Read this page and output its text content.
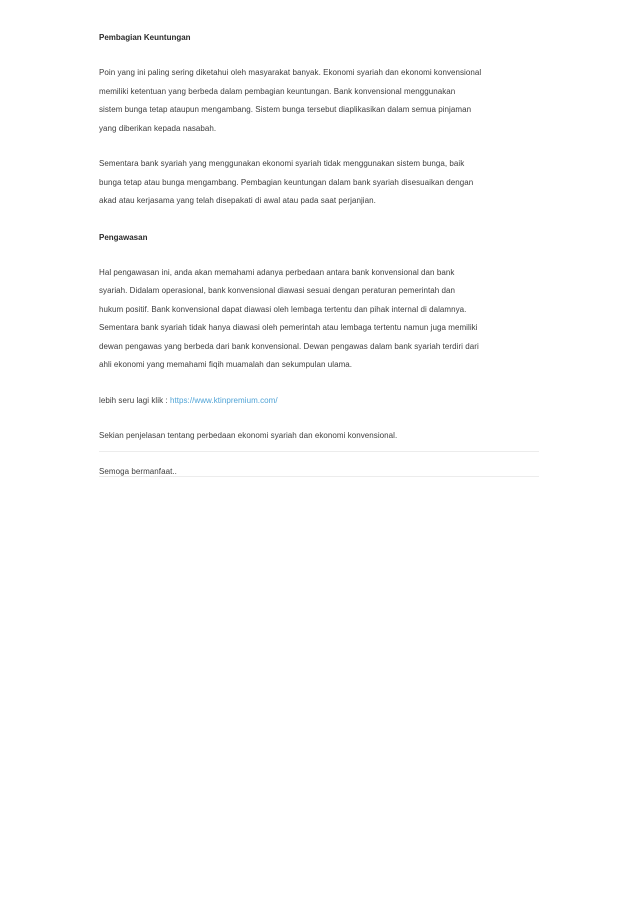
Pembagian Keuntungan

Poin yang ini paling sering diketahui oleh masyarakat banyak. Ekonomi syariah dan ekonomi konvensional
memiliki ketentuan yang berbeda dalam pembagian keuntungan. Bank konvensional menggunakan
sistem bunga tetap ataupun mengambang. Sistem bunga tersebut diaplikasikan dalam semua pinjaman
yang diberikan kepada nasabah.
Sementara bank syariah yang menggunakan ekonomi syariah tidak menggunakan sistem bunga, baik
bunga tetap atau bunga mengambang. Pembagian keuntungan dalam bank syariah disesuaikan dengan
akad atau kerjasama yang telah disepakati di awal atau pada saat perjanjian.

Pengawasan

Hal pengawasan ini, anda akan memahami adanya perbedaan antara bank konvensional dan bank
syariah. Didalam operasional, bank konvensional diawasi sesuai dengan peraturan pemerintah dan
hukum positif. Bank konvensional dapat diawasi oleh lembaga tertentu dan pihak internal di dalamnya.
Sementara bank syariah tidak hanya diawasi oleh pemerintah atau lembaga tertentu namun juga memiliki
dewan pengawas yang berbeda dari bank konvensional. Dewan pengawas dalam bank syariah terdiri dari
ahli ekonomi yang memahami fiqih muamalah dan sekumpulan ulama.
lebih seru lagi klik : https://www.ktinpremium.com/
Sekian penjelasan tentang perbedaan ekonomi syariah dan ekonomi konvensional.
Semoga bermanfaat..
